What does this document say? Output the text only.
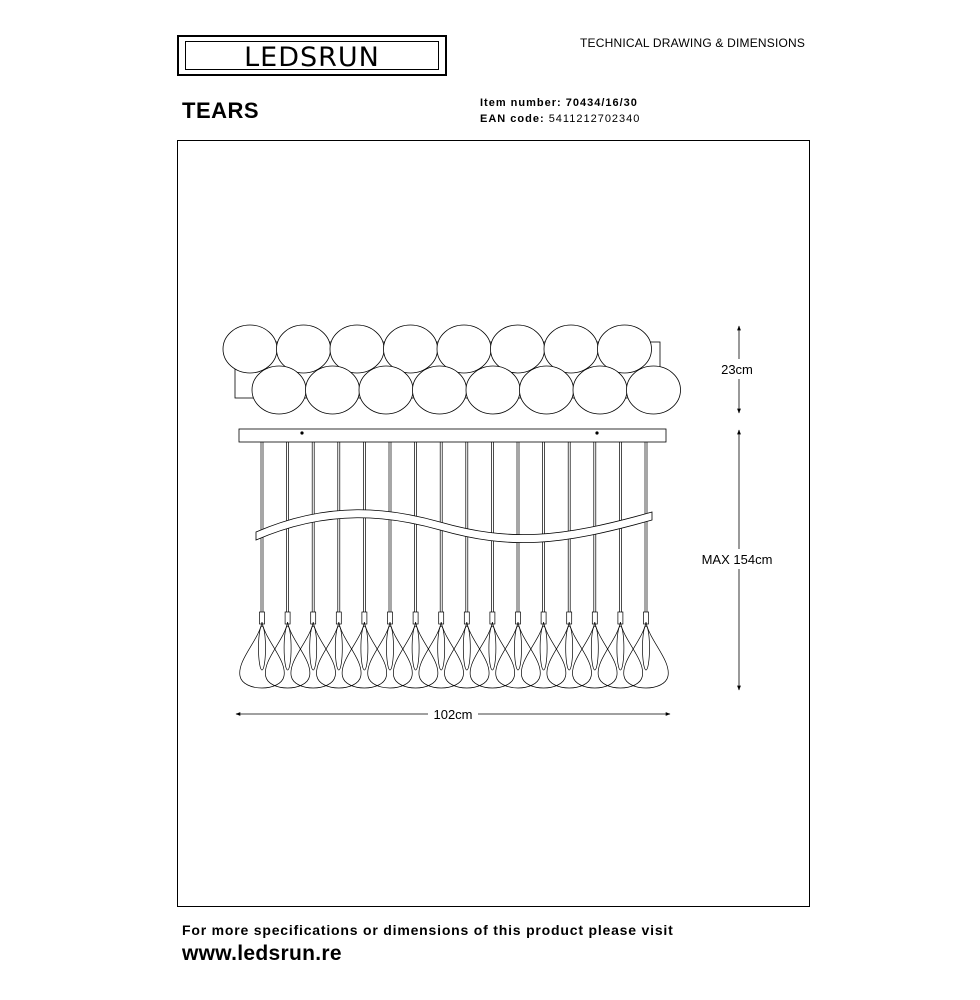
LEDSRUN	TECHNICAL DRAWING & DIMENSIONS
TEARS	Item number: 70434/16/30
EAN code: 5411212702340
23cm
MAX 154cm
102cm
For more specifications or dimensions of this product please visit
www.ledsrun.re
